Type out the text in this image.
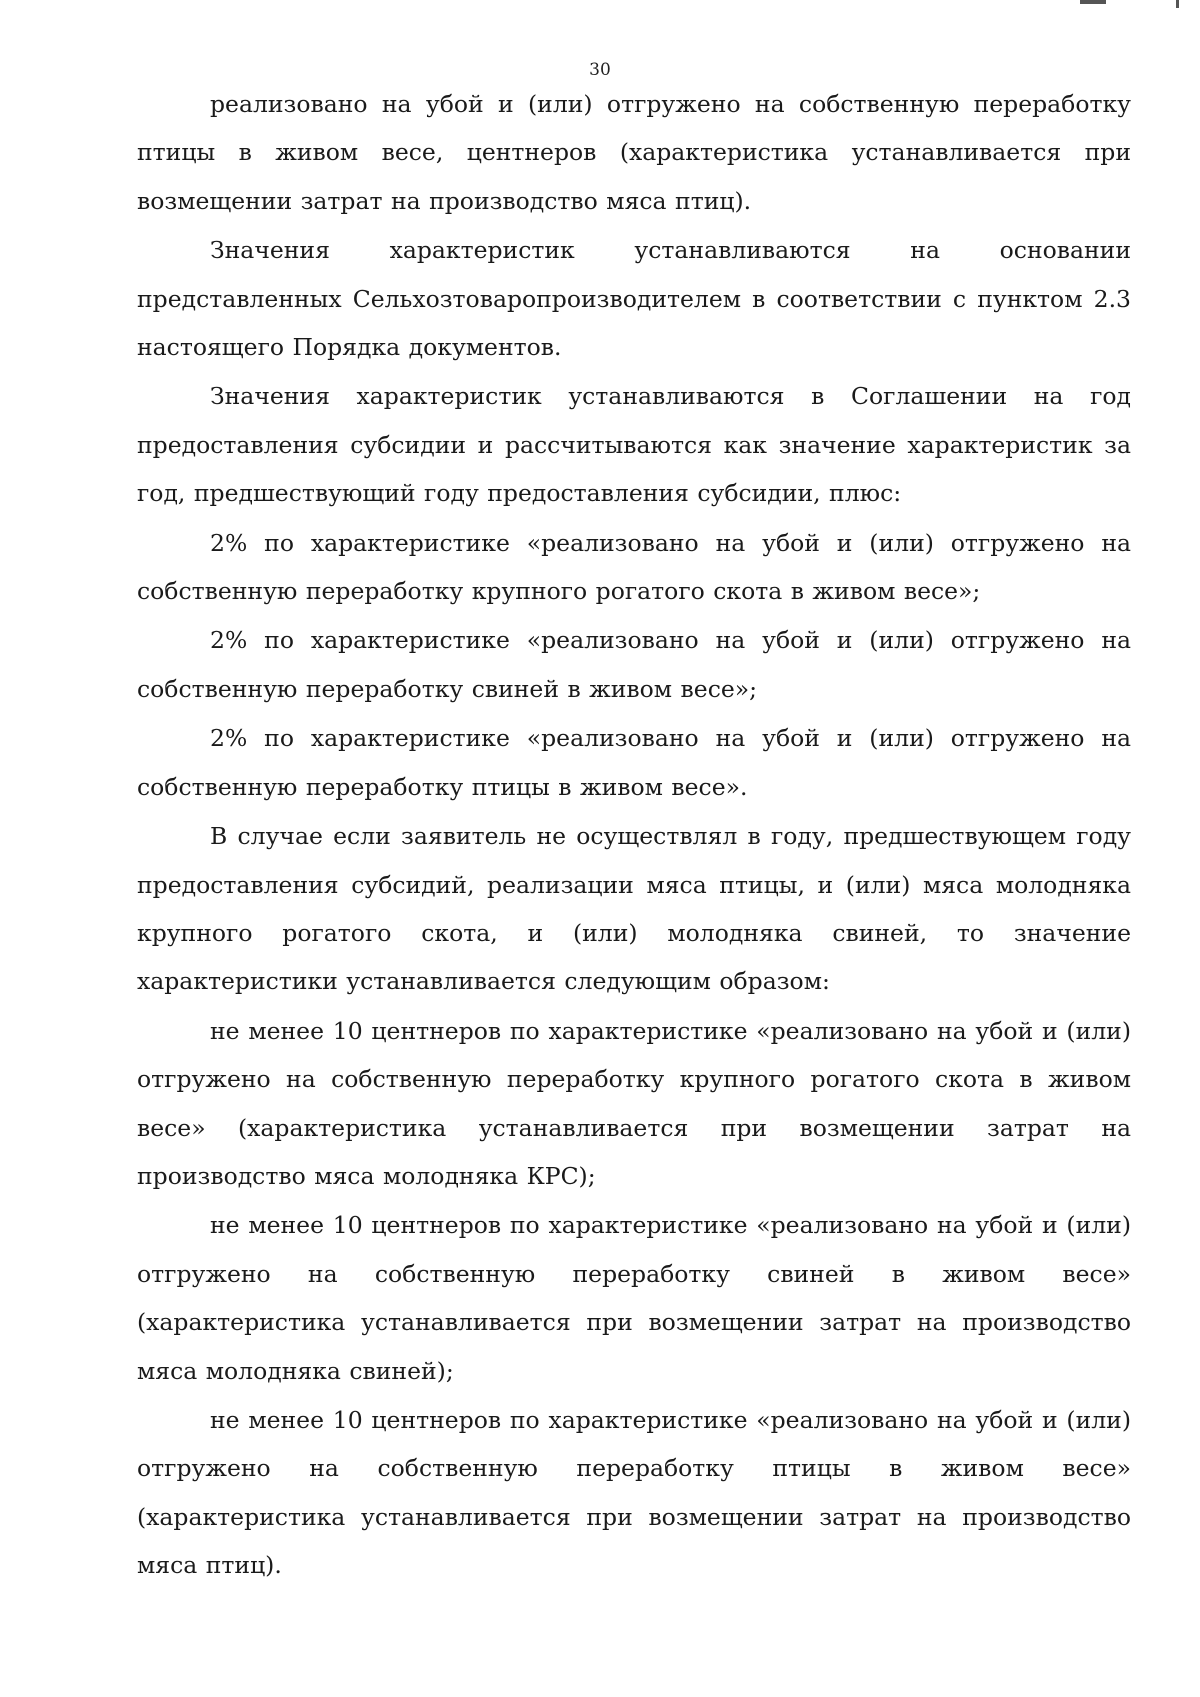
30

реализовано на убой и (или) отгружено на собственную переработку птицы в живом весе, центнеров (характеристика устанавливается при возмещении затрат на производство мяса птиц).

Значения характеристик устанавливаются на основании представленных Сельхозтоваропроизводителем в соответствии с пунктом 2.3 настоящего Порядка документов.

Значения характеристик устанавливаются в Соглашении на год предоставления субсидии и рассчитываются как значение характеристик за год, предшествующий году предоставления субсидии, плюс:

2% по характеристике «реализовано на убой и (или) отгружено на собственную переработку крупного рогатого скота в живом весе»;

2% по характеристике «реализовано на убой и (или) отгружено на собственную переработку свиней в живом весе»;

2% по характеристике «реализовано на убой и (или) отгружено на собственную переработку птицы в живом весе».

В случае если заявитель не осуществлял в году, предшествующем году предоставления субсидий, реализации мяса птицы, и (или) мяса молодняка крупного рогатого скота, и (или) молодняка свиней, то значение характеристики устанавливается следующим образом:

не менее 10 центнеров по характеристике «реализовано на убой и (или) отгружено на собственную переработку крупного рогатого скота в живом весе» (характеристика устанавливается при возмещении затрат на производство мяса молодняка КРС);

не менее 10 центнеров по характеристике «реализовано на убой и (или) отгружено на собственную переработку свиней в живом весе» (характеристика устанавливается при возмещении затрат на производство мяса молодняка свиней);

не менее 10 центнеров по характеристике «реализовано на убой и (или) отгружено на собственную переработку птицы в живом весе» (характеристика устанавливается при возмещении затрат на производство мяса птиц).
